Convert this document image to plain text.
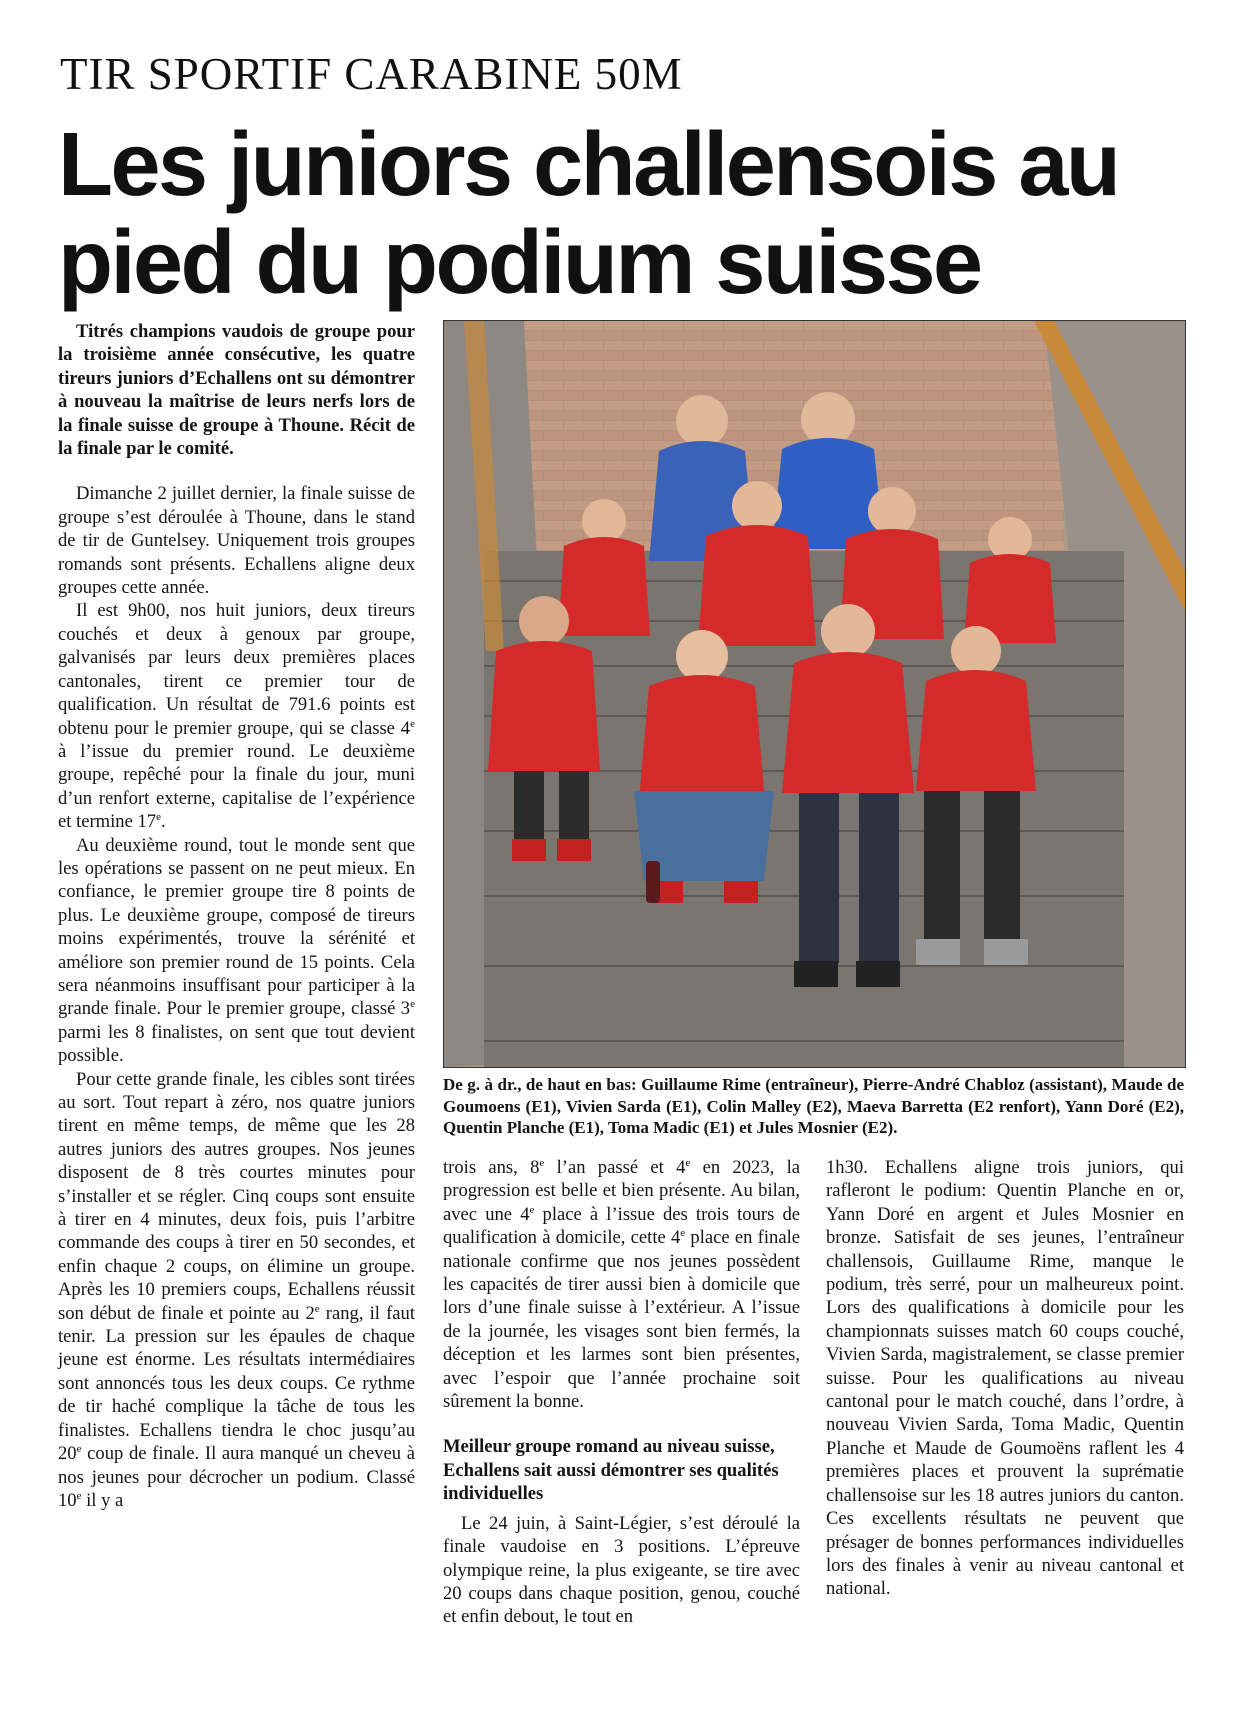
TIR SPORTIF CARABINE 50M
Les juniors challensois au pied du podium suisse

Titrés champions vaudois de groupe pour la troisième année consécutive, les quatre tireurs juniors d’Echallens ont su démontrer à nouveau la maîtrise de leurs nerfs lors de la finale suisse de groupe à Thoune. Récit de la finale par le comité.

Dimanche 2 juillet dernier, la finale suisse de groupe s’est déroulée à Thoune, dans le stand de tir de Guntelsey. Uniquement trois groupes romands sont présents. Echallens aligne deux groupes cette année.

Il est 9h00, nos huit juniors, deux tireurs couchés et deux à genoux par groupe, galvanisés par leurs deux premières places cantonales, tirent ce premier tour de qualification. Un résultat de 791.6 points est obtenu pour le premier groupe, qui se classe 4e à l’issue du premier round. Le deuxième groupe, repêché pour la finale du jour, muni d’un renfort externe, capitalise de l’expérience et termine 17e.

Au deuxième round, tout le monde sent que les opérations se passent on ne peut mieux. En confiance, le premier groupe tire 8 points de plus. Le deuxième groupe, composé de tireurs moins expérimentés, trouve la sérénité et améliore son premier round de 15 points. Cela sera néanmoins insuffisant pour participer à la grande finale. Pour le premier groupe, classé 3e parmi les 8 finalistes, on sent que tout devient possible.

Pour cette grande finale, les cibles sont tirées au sort. Tout repart à zéro, nos quatre juniors tirent en même temps, de même que les 28 autres juniors des autres groupes. Nos jeunes disposent de 8 très courtes minutes pour s’installer et se régler. Cinq coups sont ensuite à tirer en 4 minutes, deux fois, puis l’arbitre commande des coups à tirer en 50 secondes, et enfin chaque 2 coups, on élimine un groupe. Après les 10 premiers coups, Echallens réussit son début de finale et pointe au 2e rang, il faut tenir. La pression sur les épaules de chaque jeune est énorme. Les résultats intermédiaires sont annoncés tous les deux coups. Ce rythme de tir haché complique la tâche de tous les finalistes. Echallens tiendra le choc jusqu’au 20e coup de finale. Il aura manqué un cheveu à nos jeunes pour décrocher un podium. Classé 10e il y a

De g. à dr., de haut en bas: Guillaume Rime (entraîneur), Pierre-André Chabloz (assistant), Maude de Goumoens (E1), Vivien Sarda (E1), Colin Malley (E2), Maeva Barretta (E2 renfort), Yann Doré (E2), Quentin Planche (E1), Toma Madic (E1) et Jules Mosnier (E2).

trois ans, 8e l’an passé et 4e en 2023, la progression est belle et bien présente. Au bilan, avec une 4e place à l’issue des trois tours de qualification à domicile, cette 4e place en finale nationale confirme que nos jeunes possèdent les capacités de tirer aussi bien à domicile que lors d’une finale suisse à l’extérieur. A l’issue de la journée, les visages sont bien fermés, la déception et les larmes sont bien présentes, avec l’espoir que l’année prochaine soit sûrement la bonne.

Meilleur groupe romand au niveau suisse, Echallens sait aussi démontrer ses qualités individuelles

Le 24 juin, à Saint-Légier, s’est déroulé la finale vaudoise en 3 positions. L’épreuve olympique reine, la plus exigeante, se tire avec 20 coups dans chaque position, genou, couché et enfin debout, le tout en

1h30. Echallens aligne trois juniors, qui rafleront le podium: Quentin Planche en or, Yann Doré en argent et Jules Mosnier en bronze. Satisfait de ses jeunes, l’entraîneur challensois, Guillaume Rime, manque le podium, très serré, pour un malheureux point. Lors des qualifications à domicile pour les championnats suisses match 60 coups couché, Vivien Sarda, magistralement, se classe premier suisse. Pour les qualifications au niveau cantonal pour le match couché, dans l’ordre, à nouveau Vivien Sarda, Toma Madic, Quentin Planche et Maude de Goumoëns raflent les 4 premières places et prouvent la suprématie challensoise sur les 18 autres juniors du canton. Ces excellents résultats ne peuvent que présager de bonnes performances individuelles lors des finales à venir au niveau cantonal et national.
